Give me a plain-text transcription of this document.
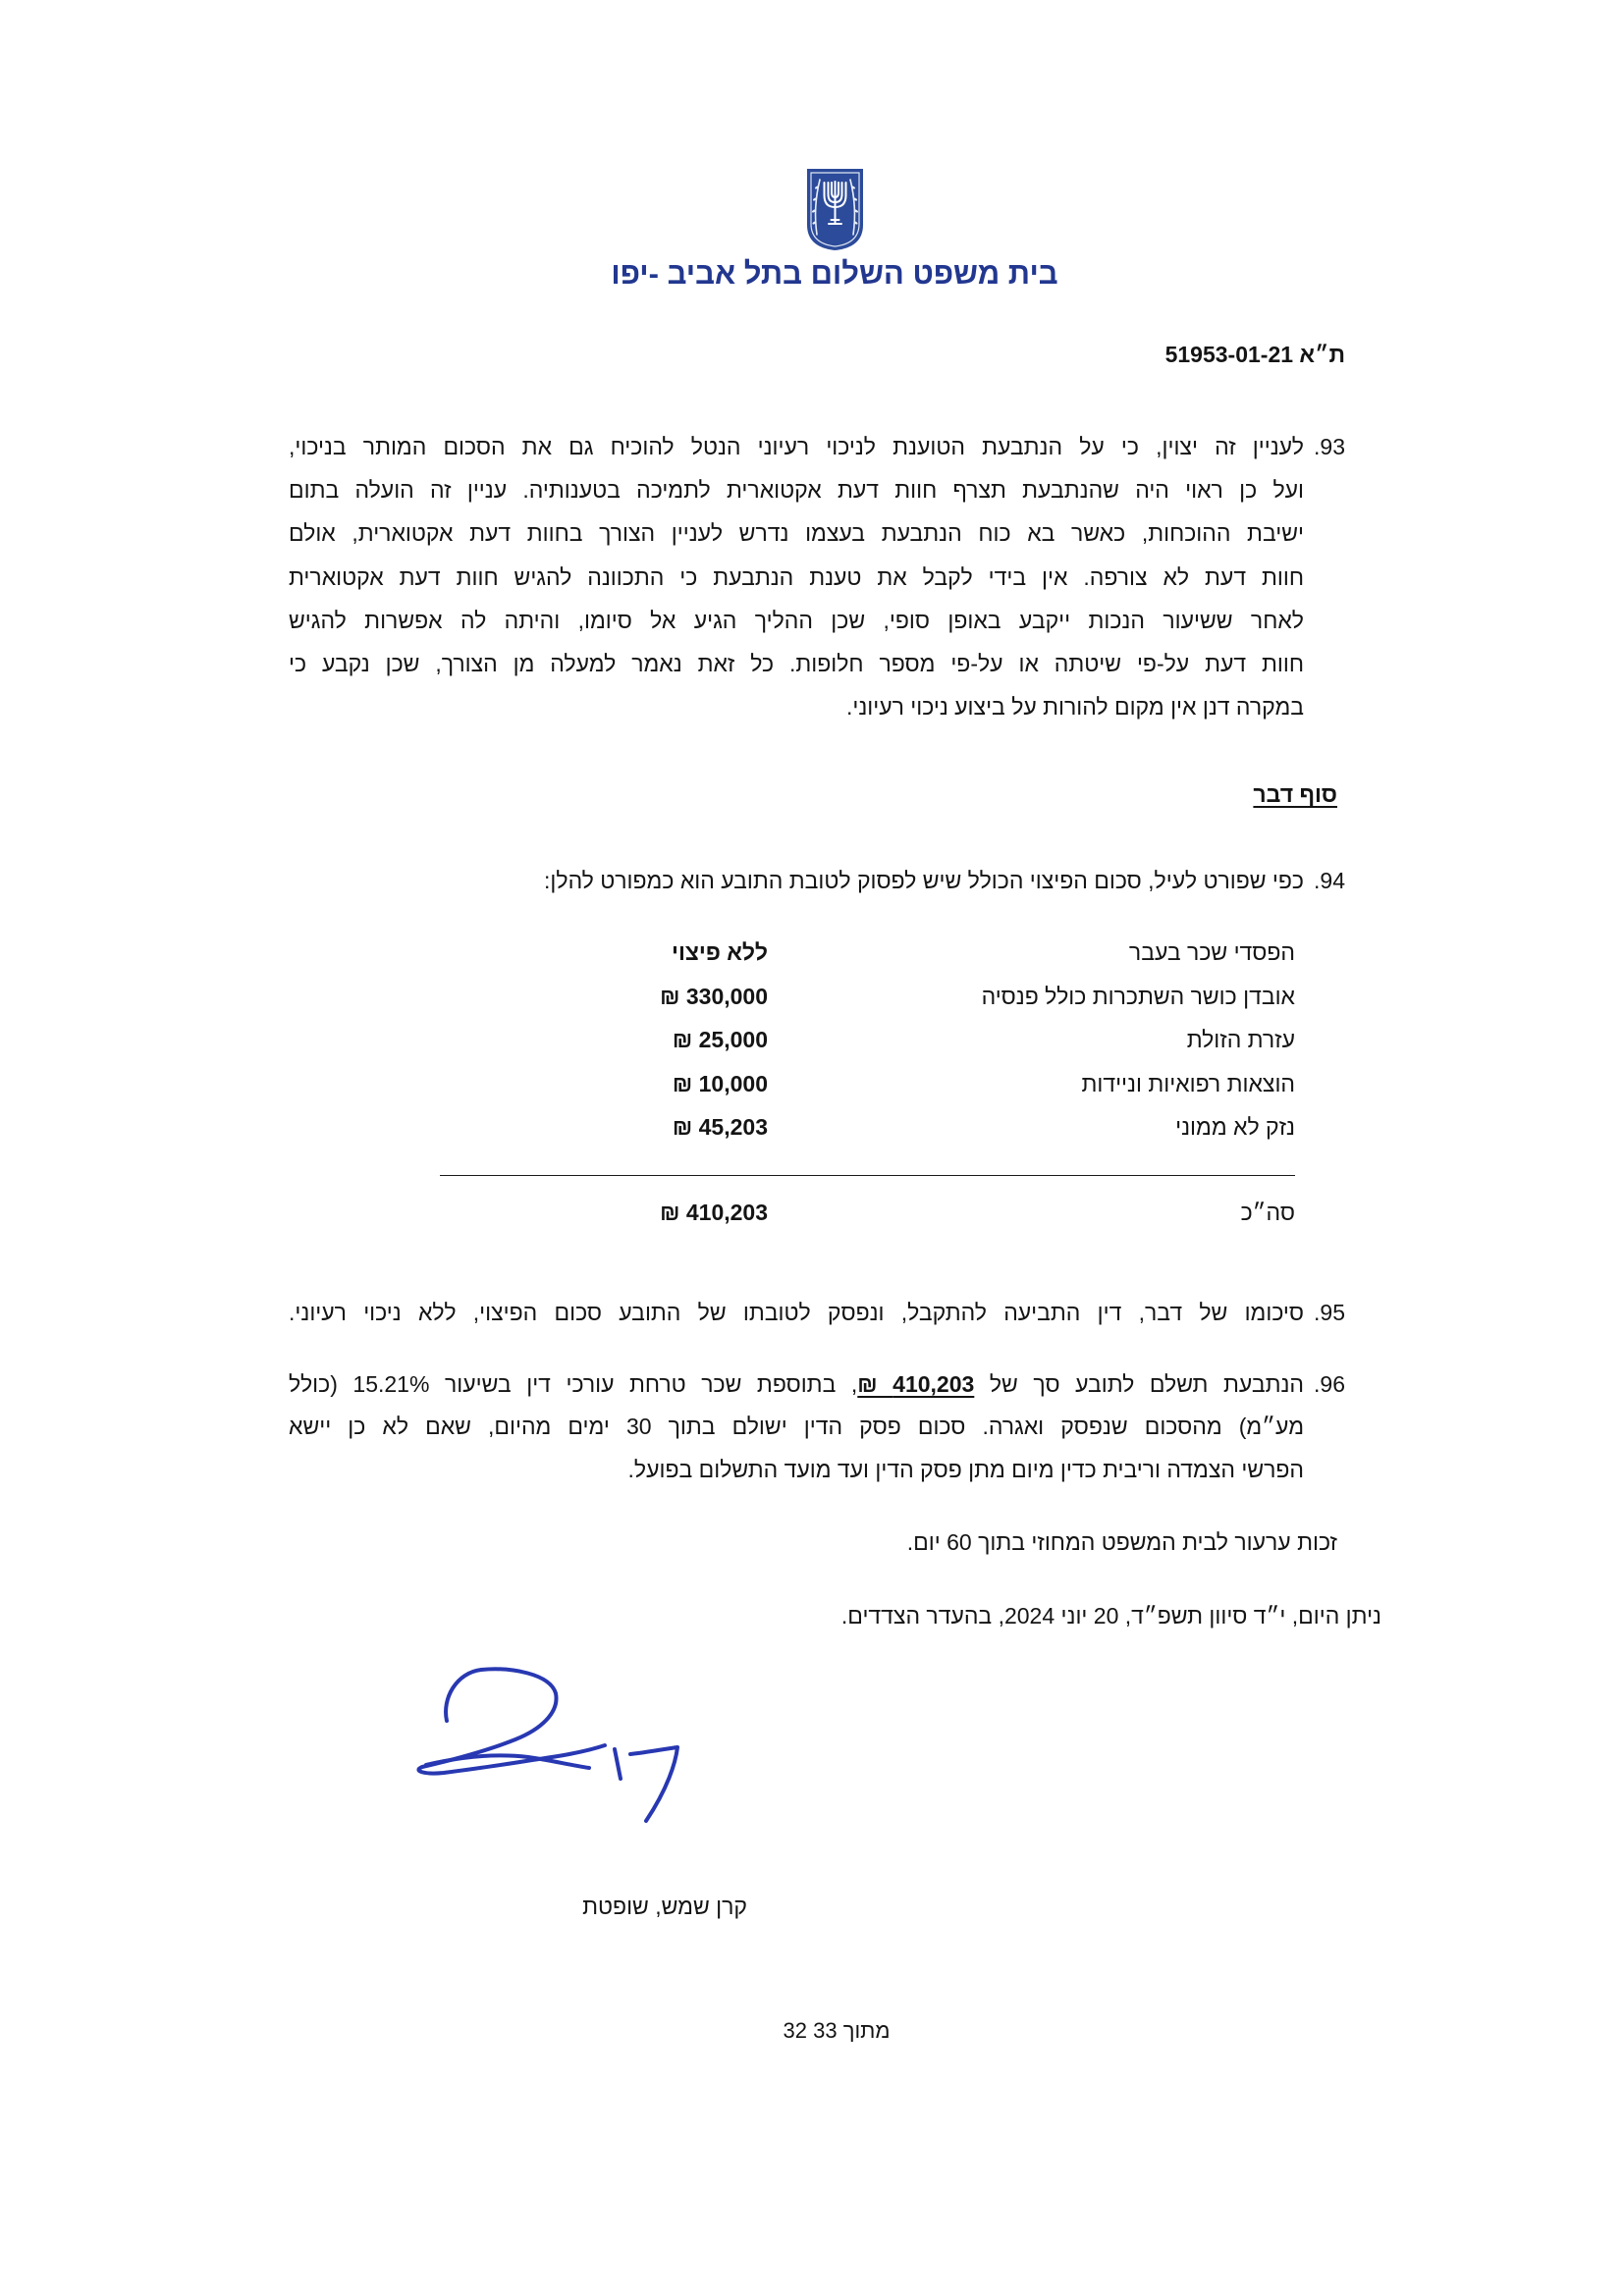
בית משפט השלום בתל אביב -יפו
ת״א 51953-01-21
93.
לעניין זה יצוין, כי על הנתבעת הטוענת לניכוי רעיוני הנטל להוכיח גם את הסכום המותר בניכוי,
ועל כן ראוי היה שהנתבעת תצרף חוות דעת אקטוארית לתמיכה בטענותיה. עניין זה הועלה בתום
ישיבת ההוכחות, כאשר בא כוח הנתבעת בעצמו נדרש לעניין הצורך בחוות דעת אקטוארית, אולם
חוות דעת לא צורפה. אין בידי לקבל את טענת הנתבעת כי התכוונה להגיש חוות דעת אקטוארית
לאחר ששיעור הנכות ייקבע באופן סופי, שכן ההליך הגיע אל סיומו, והיתה לה אפשרות להגיש
חוות דעת על-פי שיטתה או על-פי מספר חלופות. כל זאת נאמר למעלה מן הצורך, שכן נקבע כי
במקרה דנן אין מקום להורות על ביצוע ניכוי רעיוני.
סוף דבר
94.
כפי שפורט לעיל, סכום הפיצוי הכולל שיש לפסוק לטובת התובע הוא כמפורט להלן:
הפסדי שכר בעבר
ללא פיצוי
אובדן כושר השתכרות כולל פנסיה
330,000 ₪
עזרת הזולת
25,000 ₪
הוצאות רפואיות וניידות
10,000 ₪
נזק לא ממוני
45,203 ₪
סה״כ
410,203 ₪
95.
סיכומו של דבר, דין התביעה להתקבל, ונפסק לטובתו של התובע סכום הפיצוי, ללא ניכוי רעיוני.
96.
הנתבעת תשלם לתובע סך של 410,203 ₪, בתוספת שכר טרחת עורכי דין בשיעור 15.21% (כולל
מע״מ) מהסכום שנפסק ואגרה. סכום פסק הדין ישולם בתוך 30 ימים מהיום, שאם לא כן יישא
הפרשי הצמדה וריבית כדין מיום מתן פסק הדין ועד מועד התשלום בפועל.
זכות ערעור לבית המשפט המחוזי בתוך 60 יום.
ניתן היום, י״ד סיוון תשפ״ד, 20 יוני 2024, בהעדר הצדדים.
קרן שמש, שופטת
32 מתוך 33
